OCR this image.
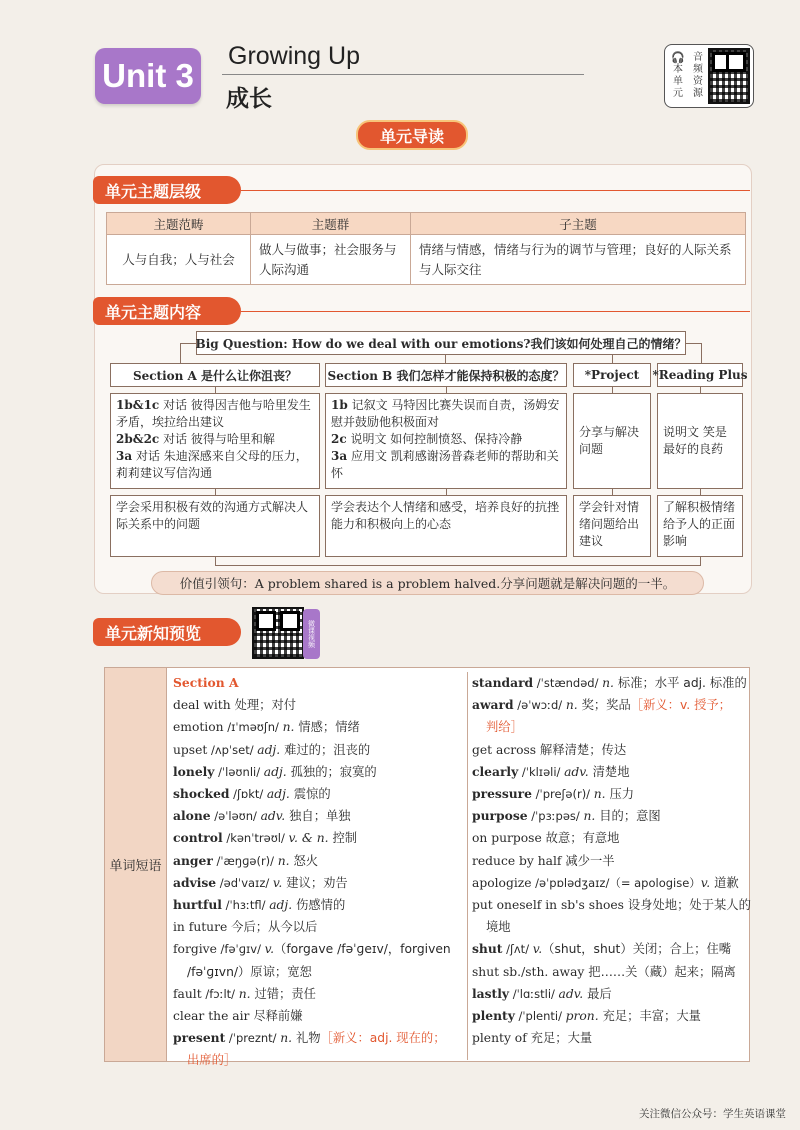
Unit 3
Growing Up
成长
🎧
本
单
元
音
频
资
源
单元导读
单元主题层级
主题范畴	主题群	子主题
人与自我；人与社会	做人与做事；社会服务与人际沟通	情绪与情感，情绪与行为的调节与管理；良好的人际关系与人际交往
单元主题内容
Big Question: How do we deal with our emotions?我们该如何处理自己的情绪？
Section A 是什么让你沮丧？	Section B 我们怎样才能保持积极的态度？	*Project	*Reading Plus
1b&1c 对话 彼得因吉他与哈里发生矛盾，埃拉给出建议
2b&2c 对话 彼得与哈里和解
3a 对话 朱迪深感来自父母的压力，莉莉建议写信沟通
1b 记叙文 马特因比赛失误而自责，汤姆安慰并鼓励他积极面对
2c 说明文 如何控制愤怒、保持冷静
3a 应用文 凯莉感谢汤普森老师的帮助和关怀
分享与解决问题
说明文 笑是最好的良药
学会采用积极有效的沟通方式解决人际关系中的问题
学会表达个人情绪和感受，培养良好的抗挫能力和积极向上的心态
学会针对情绪问题给出建议
了解积极情绪给予人的正面影响
价值引领句：A problem shared is a problem halved.分享问题就是解决问题的一半。
单元新知预览	微课视频
单词短语
Section A
deal with 处理；对付
emotion /ɪˈməʊʃn/ n. 情感；情绪
upset /ʌpˈset/ adj. 难过的；沮丧的
lonely /ˈləʊnli/ adj. 孤独的；寂寞的
shocked /ʃɒkt/ adj. 震惊的
alone /əˈləʊn/ adv. 独自；单独
control /kənˈtrəʊl/ v. & n. 控制
anger /ˈæŋɡə(r)/ n. 怒火
advise /ədˈvaɪz/ v. 建议；劝告
hurtful /ˈhɜːtfl/ adj. 伤感情的
in future 今后；从今以后
forgive /fəˈɡɪv/ v.（forgave /fəˈɡeɪv/，forgiven
/fəˈɡɪvn/）原谅；宽恕
fault /fɔːlt/ n. 过错；责任
clear the air 尽释前嫌
present /ˈpreznt/ n. 礼物［新义：adj. 现在的；
出席的］
standard /ˈstændəd/ n. 标准；水平 adj. 标准的
award /əˈwɔːd/ n. 奖；奖品［新义：v. 授予；
判给］
get across 解释清楚；传达
clearly /ˈklɪəli/ adv. 清楚地
pressure /ˈpreʃə(r)/ n. 压力
purpose /ˈpɜːpəs/ n. 目的；意图
on purpose 故意；有意地
reduce by half 减少一半
apologize /əˈpɒlədʒaɪz/（= apologise）v. 道歉
put oneself in sb's shoes 设身处地；处于某人的
境地
shut /ʃʌt/ v.（shut，shut）关闭；合上；住嘴
shut sb./sth. away 把……关（藏）起来；隔离
lastly /ˈlɑːstli/ adv. 最后
plenty /ˈplenti/ pron. 充足；丰富；大量
plenty of 充足；大量
关注微信公众号：学生英语课堂
